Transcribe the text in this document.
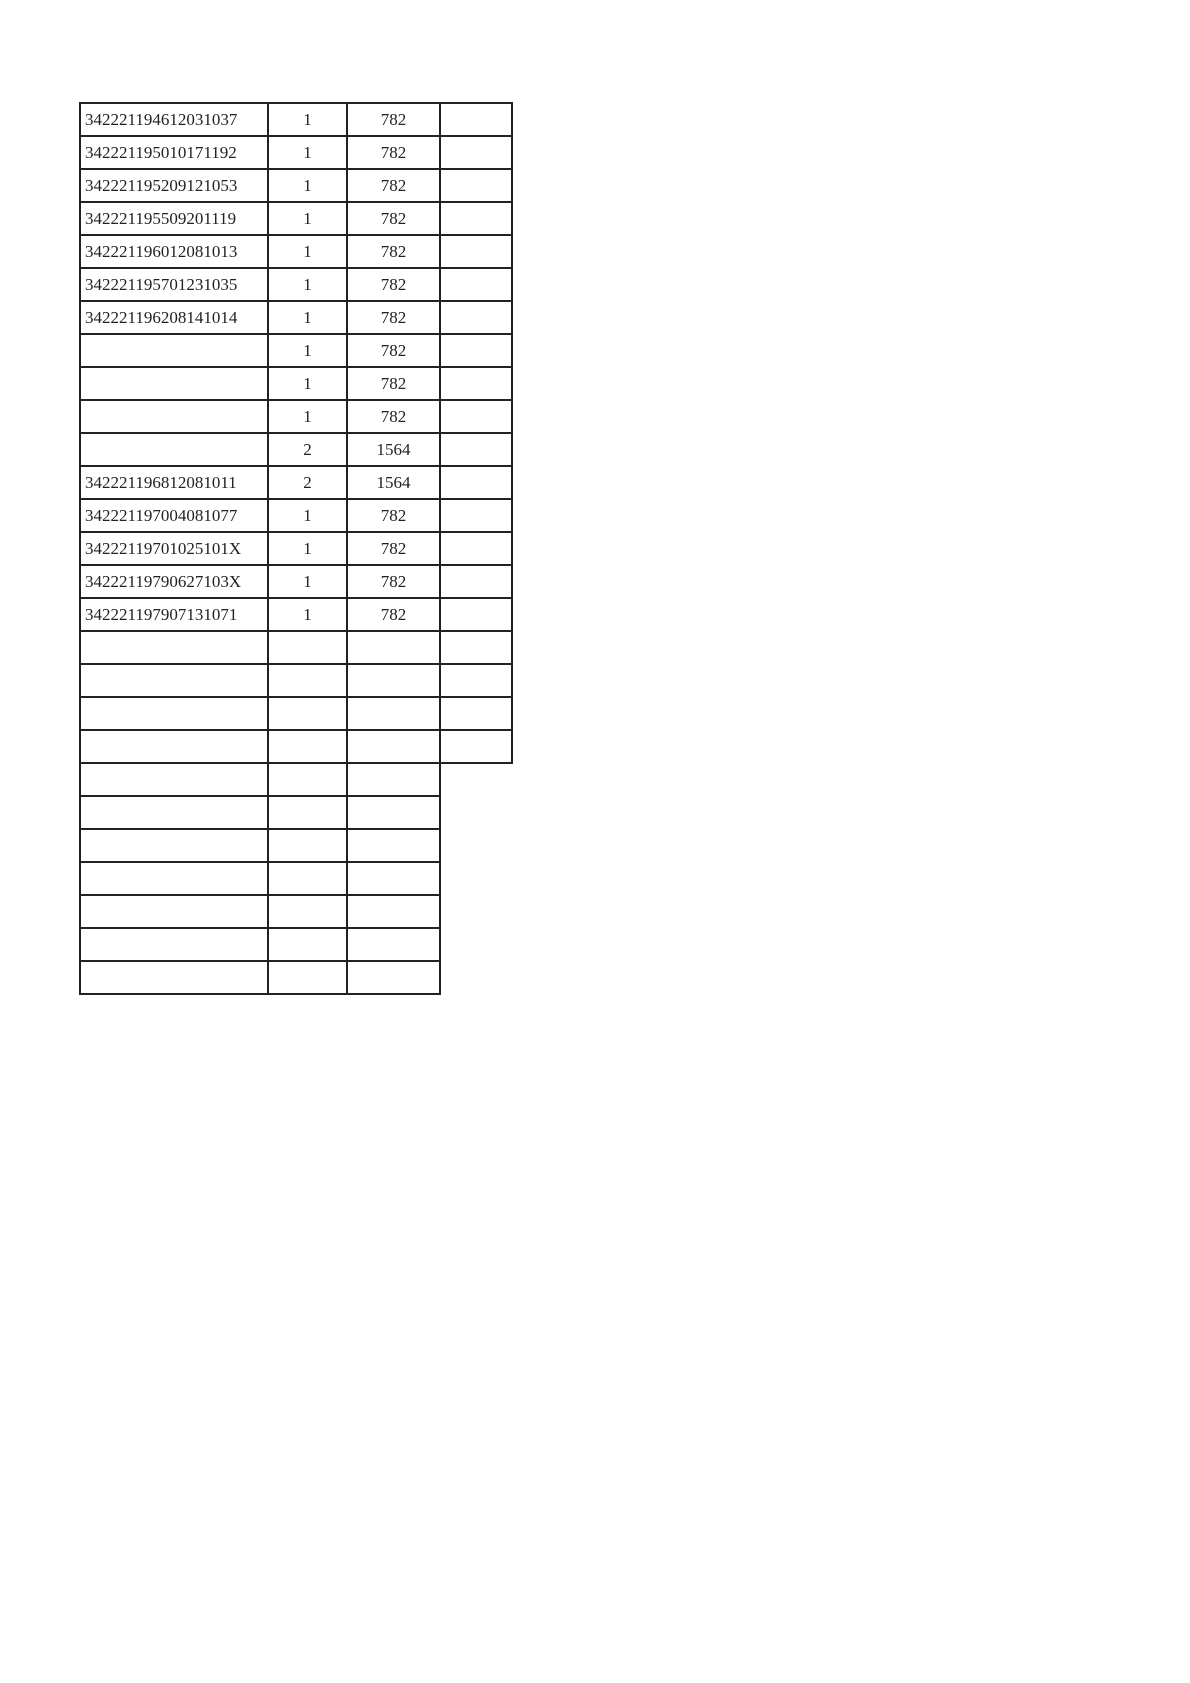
342221194612031037	1	782	
342221195010171192	1	782	
342221195209121053	1	782	
342221195509201119	1	782	
342221196012081013	1	782	
342221195701231035	1	782	
342221196208141014	1	782	
	1	782	
	1	782	
	1	782	
	2	1564	
342221196812081011	2	1564	
342221197004081077	1	782	
34222119701025101X	1	782	
34222119790627103X	1	782	
342221197907131071	1	782	
